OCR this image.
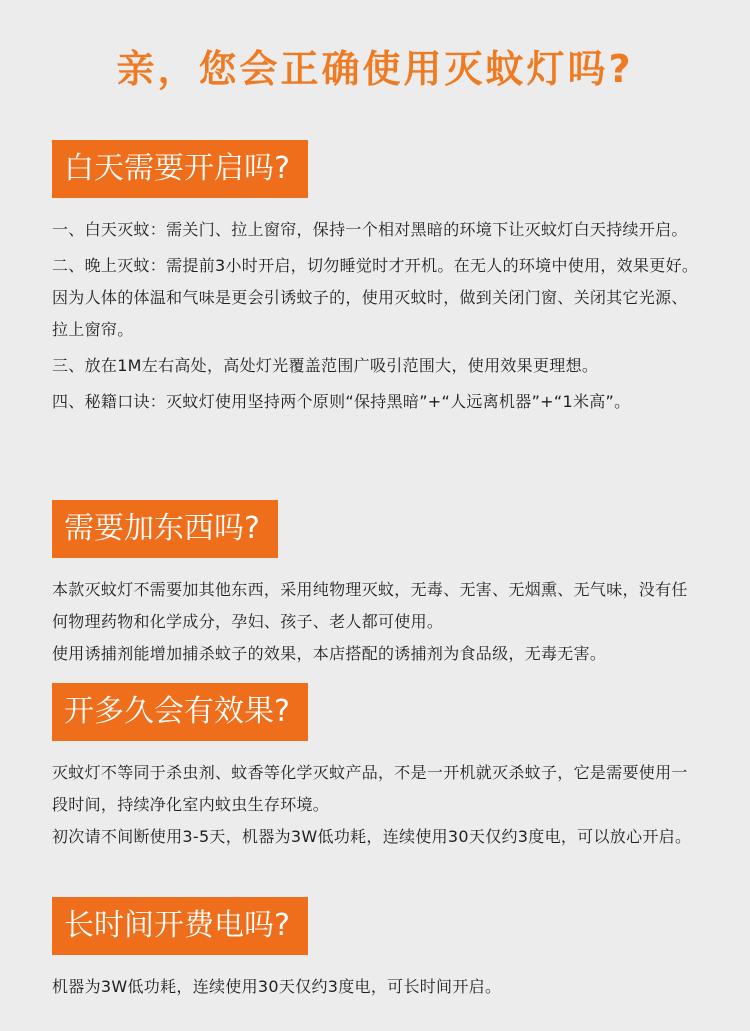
亲，您会正确使用灭蚊灯吗?
白天需要开启吗?

一、白天灭蚊：需关门、拉上窗帘，保持一个相对黑暗的环境下让灭蚊灯白天持续开启。

二、晚上灭蚊：需提前3小时开启，切勿睡觉时才开机。在无人的环境中使用，效果更好。因为人体的体温和气味是更会引诱蚊子的，使用灭蚊时，做到关闭门窗、关闭其它光源、拉上窗帘。

三、放在1M左右高处，高处灯光覆盖范围广吸引范围大，使用效果更理想。

四、秘籍口诀：灭蚊灯使用坚持两个原则“保持黑暗”+“人远离机器”+“1米高”。

需要加东西吗?

本款灭蚊灯不需要加其他东西，采用纯物理灭蚊，无毒、无害、无烟熏、无气味，没有任何物理药物和化学成分，孕妇、孩子、老人都可使用。

使用诱捕剂能增加捕杀蚊子的效果，本店搭配的诱捕剂为食品级，无毒无害。

开多久会有效果?

灭蚊灯不等同于杀虫剂、蚊香等化学灭蚊产品，不是一开机就灭杀蚊子，它是需要使用一段时间，持续净化室内蚊虫生存环境。

初次请不间断使用3-5天，机器为3W低功耗，连续使用30天仅约3度电，可以放心开启。

长时间开费电吗?

机器为3W低功耗，连续使用30天仅约3度电，可长时间开启。
